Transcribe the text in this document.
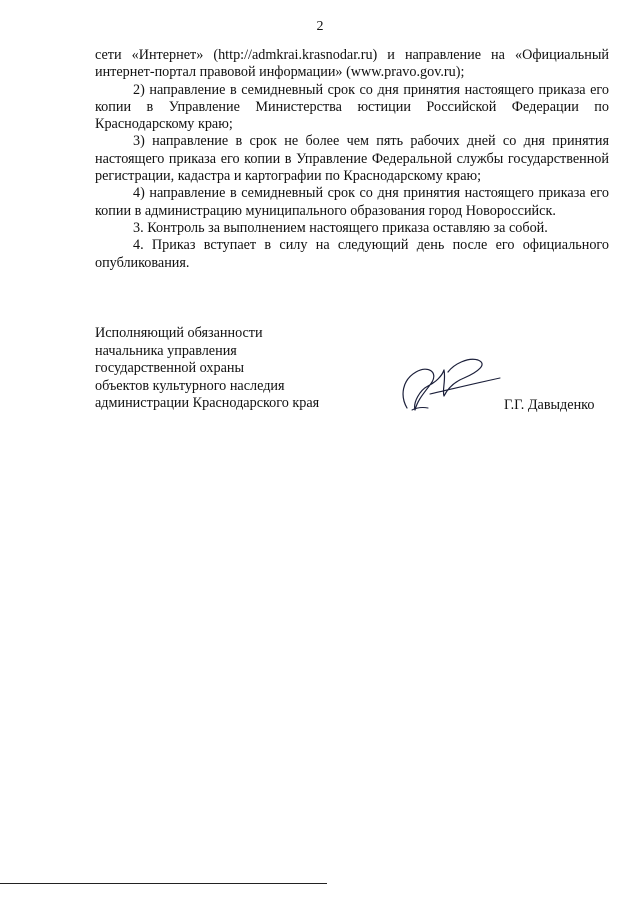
2

сети «Интернет» (http://admkrai.krasnodar.ru) и направление на «Официальный интернет-портал правовой информации» (www.pravo.gov.ru);

2) направление в семидневный срок со дня принятия настоящего приказа его копии в Управление Министерства юстиции Российской Федерации по Краснодарскому краю;

3) направление в срок не более чем пять рабочих дней со дня принятия настоящего приказа его копии в Управление Федеральной службы государственной регистрации, кадастра и картографии по Краснодарскому краю;

4) направление в семидневный срок со дня принятия настоящего приказа его копии в администрацию муниципального образования город Новороссийск.

3. Контроль за выполнением настоящего приказа оставляю за собой.

4. Приказ вступает в силу на следующий день после его официального опубликования.

Исполняющий обязанности
начальника управления
государственной охраны
объектов культурного наследия
администрации Краснодарского края	Г.Г. Давыденко
